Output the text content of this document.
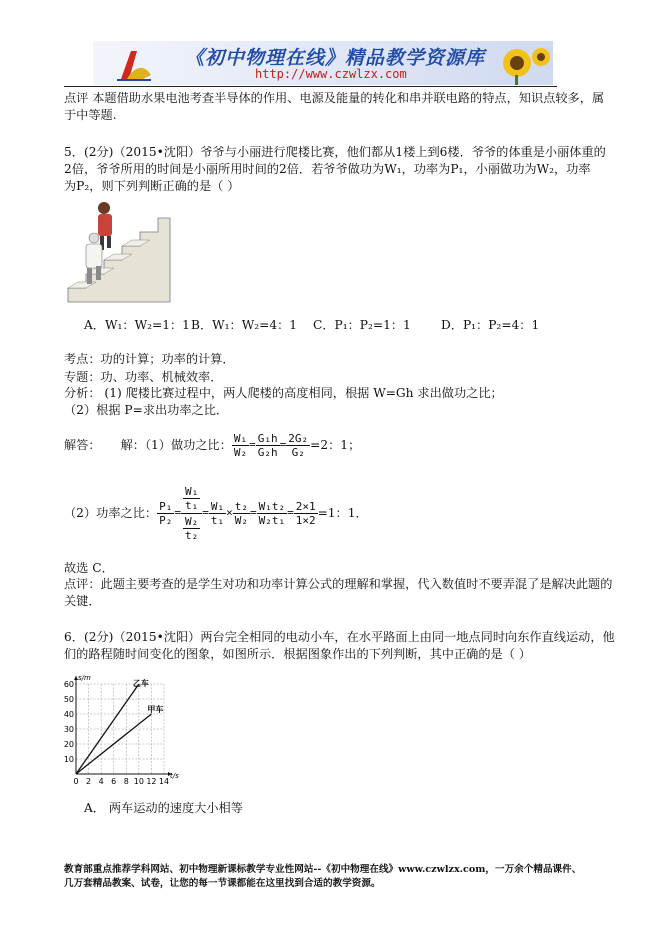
《初中物理在线》精品教学资源库
http://www.czwlzx.com
点评 本题借助水果电池考查半导体的作用、电源及能量的转化和串并联电路的特点，知识点较多，属
于中等题.
5．(2分)（2015•沈阳）爷爷与小丽进行爬楼比赛，他们都从1楼上到6楼．爷爷的体重是小丽体重的
2倍，爷爷所用的时间是小丽所用时间的2倍．若爷爷做功为W₁，功率为P₁，小丽做功为W₂，功率
为P₂，则下列判断正确的是（ ）
A．W₁：W₂=1：1 B．W₁：W₂=4：1 C．P₁：P₂=1：1 D．P₁：P₂=4：1
考点：功的计算；功率的计算．
专题：功、功率、机械效率．
分析： (1) 爬楼比赛过程中，两人爬楼的高度相同，根据 W=Gh 求出做功之比；
（2）根据 P=求出功率之比．
解答： 解：（1）做功之比： $\frac{\text{W₁}}{\text{W₂}} = \frac{\text{G₁h}}{\text{G₂h}} = \frac{\text{2G₂}}{\text{G₂}} =2$：1；
（2）功率之比： $\frac{\text{P₁}}{\text{P₂}} = \frac{\frac{\text{W₁}}{\text{t₁}}}{\frac{\text{W₂}}{\text{t₂}}} = \frac{\text{W₁}}{\text{t₁}} \times \frac{\text{t₂}}{\text{W₂}} = \frac{\text{W₁t₂}}{\text{W₂t₁}} = \frac{2\times 1}{1\times 2} =1$：1．
故选 C．
点评：此题主要考查的是学生对功和功率计算公式的理解和掌握，代入数值时不要弄混了是解决此题的
关键．
6．(2分)（2015•沈阳）两台完全相同的电动小车，在水平路面上由同一地点同时向东作直线运动，他
们的路程随时间变化的图象，如图所示．根据图象作出的下列判断，其中正确的是（ ）
t/s
s/m
0 2 4 6 8 10 12 14
10
20
30
40
50
60	乙车
甲车
A． 两车运动的速度大小相等
教育部重点推荐学科网站、初中物理新课标教学专业性网站--《初中物理在线》www.czwlzx.com，一万余个精品课件、
几万套精品教案、试卷，让您的每一节课都能在这里找到合适的教学资源。
